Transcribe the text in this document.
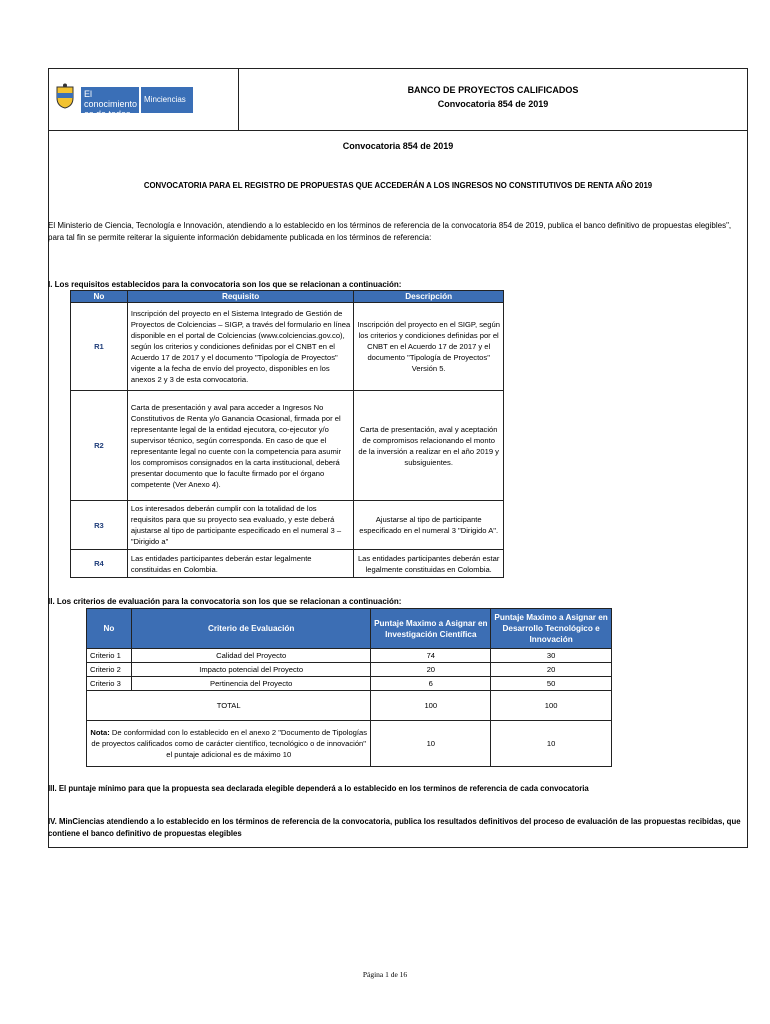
El conocimiento
es de todos
Minciencias
BANCO DE PROYECTOS CALIFICADOS
Convocatoria 854 de 2019
Convocatoria 854 de 2019
CONVOCATORIA PARA EL REGISTRO DE PROPUESTAS QUE ACCEDERÁN A LOS INGRESOS NO CONSTITUTIVOS DE RENTA AÑO 2019
El Ministerio de Ciencia, Tecnología e Innovación, atendiendo a lo establecido en los términos de referencia de la convocatoria 854 de 2019, publica el banco definitivo de propuestas elegibles", para tal fin se permite reiterar la siguiente información debidamente publicada en los términos de referencia:
I. Los requisitos establecidos para la convocatoria son los que se relacionan a continuación:
No	Requisito	Descripción
R1	Inscripción del proyecto en el Sistema Integrado de Gestión de Proyectos de Colciencias – SIGP, a través del formulario en línea disponible en el portal de Colciencias (www.colciencias.gov.co), según los criterios y condiciones definidas por el CNBT en el Acuerdo 17 de 2017 y el documento "Tipología de Proyectos" vigente a la fecha de envío del proyecto, disponibles en los anexos 2 y 3 de esta convocatoria.	Inscripción del proyecto en el SIGP, según los criterios y condiciones definidas por el CNBT en el Acuerdo 17 de 2017 y el documento "Tipología de Proyectos" Versión 5.
R2	Carta de presentación y aval para acceder a Ingresos No Constitutivos de Renta y/o Ganancia Ocasional, firmada por el representante legal de la entidad ejecutora, co-ejecutor y/o supervisor técnico, según corresponda. En caso de que el representante legal no cuente con la competencia para asumir los compromisos consignados en la carta institucional, deberá presentar documento que lo faculte firmado por el órgano competente (Ver Anexo 4).	Carta de presentación, aval y aceptación de compromisos relacionando el monto de la inversión a realizar en el año 2019 y subsiguientes.
R3	Los interesados deberán cumplir con la totalidad de los requisitos para que su proyecto sea evaluado, y este deberá ajustarse al tipo de participante especificado en el numeral 3 – "Dirigido a"	Ajustarse al tipo de participante especificado en el numeral 3 "Dirigido A".
R4	Las entidades participantes deberán estar legalmente constituidas en Colombia.	Las entidades participantes deberán estar legalmente constituidas en Colombia.
II. Los criterios de evaluación para la convocatoria son los que se relacionan a continuación:
No	Criterio de Evaluación	Puntaje Maximo a Asignar en Investigación Científica	Puntaje Maximo a Asignar en Desarrollo Tecnológico e Innovación
Criterio 1	Calidad del Proyecto	74	30
Criterio 2	Impacto potencial del Proyecto	20	20
Criterio 3	Pertinencia del Proyecto	6	50
TOTAL		100	100
Nota: De conformidad con lo establecido en el anexo 2 "Documento de Tipologías de proyectos calificados como de carácter científico, tecnológico o de innovación" el puntaje adicional es de máximo 10		10	10
III. El puntaje mínimo para que la propuesta sea declarada elegible dependerá a lo establecido en los terminos de referencia de cada convocatoria
IV. MinCiencias atendiendo a lo establecido en los términos de referencia de la convocatoria, publica los resultados definitivos del proceso de evaluación de las propuestas recibidas, que contiene el banco definitivo de propuestas elegibles
Página 1 de 16
